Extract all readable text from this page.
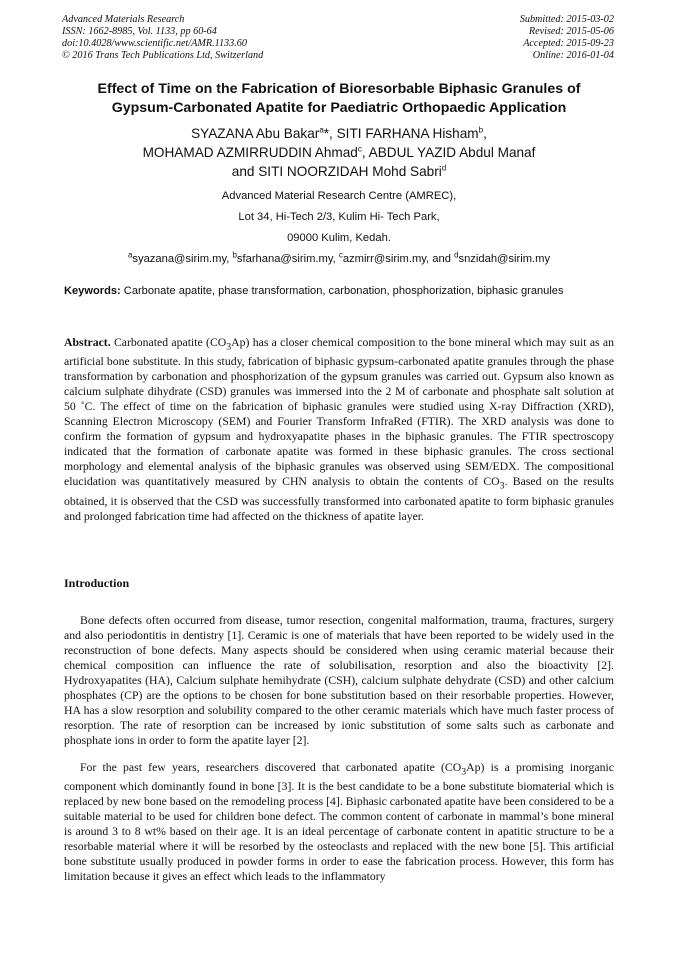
Advanced Materials Research
ISSN: 1662-8985, Vol. 1133, pp 60-64
doi:10.4028/www.scientific.net/AMR.1133.60
© 2016 Trans Tech Publications Ltd, Switzerland
Submitted: 2015-03-02
Revised: 2015-05-06
Accepted: 2015-09-23
Online: 2016-01-04
Effect of Time on the Fabrication of Bioresorbable Biphasic Granules of
Gypsum-Carbonated Apatite for Paediatric Orthopaedic Application
SYAZANA Abu Bakar$^a$*, SITI FARHANA Hisham$^b$,
MOHAMAD AZMIRRUDDIN Ahmad$^c$, ABDUL YAZID Abdul Manaf
and SITI NOORZIDAH Mohd Sabri$^d$
Advanced Material Research Centre (AMREC),
Lot 34, Hi-Tech 2/3, Kulim Hi- Tech Park,
09000 Kulim, Kedah.
$^a$syazana@sirim.my, $^b$sfarhana@sirim.my, $^c$azmirr@sirim.my, and $^d$snzidah@sirim.my

Keywords: Carbonate apatite, phase transformation, carbonation, phosphorization, biphasic granules

Abstract. Carbonated apatite $(CO_3Ap)$ has a closer chemical composition to the bone mineral which may suit as an artificial bone substitute. In this study, fabrication of biphasic gypsum-carbonated apatite granules through the phase transformation by carbonation and phosphorization of the gypsum granules was carried out. Gypsum also known as calcium sulphate dihydrate (CSD) granules was immersed into the 2 M of carbonate and phosphate salt solution at 50 ˚C. The effect of time on the fabrication of biphasic granules were studied using X-ray Diffraction (XRD), Scanning Electron Microscopy (SEM) and Fourier Transform InfraRed (FTIR). The XRD analysis was done to confirm the formation of gypsum and hydroxyapatite phases in the biphasic granules. The FTIR spectroscopy indicated that the formation of carbonate apatite was formed in these biphasic granules. The cross sectional morphology and elemental analysis of the biphasic granules was observed using SEM/EDX. The compositional elucidation was quantitatively measured by CHN analysis to obtain the contents of $CO_3$. Based on the results obtained, it is observed that the CSD was successfully transformed into carbonated apatite to form biphasic granules and prolonged fabrication time had affected on the thickness of apatite layer.

Introduction

Bone defects often occurred from disease, tumor resection, congenital malformation, trauma, fractures, surgery and also periodontitis in dentistry [1]. Ceramic is one of materials that have been reported to be widely used in the reconstruction of bone defects. Many aspects should be considered when using ceramic material because their chemical composition can influence the rate of solubilisation, resorption and also the bioactivity [2]. Hydroxyapatites (HA), Calcium sulphate hemihydrate (CSH), calcium sulphate dehydrate (CSD) and other calcium phosphates (CP) are the options to be chosen for bone substitution based on their resorbable properties. However, HA has a slow resorption and solubility compared to the other ceramic materials which have much faster process of resorption. The rate of resorption can be increased by ionic substitution of some salts such as carbonate and phosphate ions in order to form the apatite layer [2].

For the past few years, researchers discovered that carbonated apatite $(CO_3Ap)$ is a promising inorganic component which dominantly found in bone [3]. It is the best candidate to be a bone substitute biomaterial which is replaced by new bone based on the remodeling process [4]. Biphasic carbonated apatite have been considered to be a suitable material to be used for children bone defect. The common content of carbonate in mammal’s bone mineral is around 3 to 8 wt% based on their age. It is an ideal percentage of carbonate content in apatitic structure to be a resorbable material where it will be resorbed by the osteoclasts and replaced with the new bone [5]. This artificial bone substitute usually produced in powder forms in order to ease the fabrication process. However, this form has limitation because it gives an effect which leads to the inflammatory
